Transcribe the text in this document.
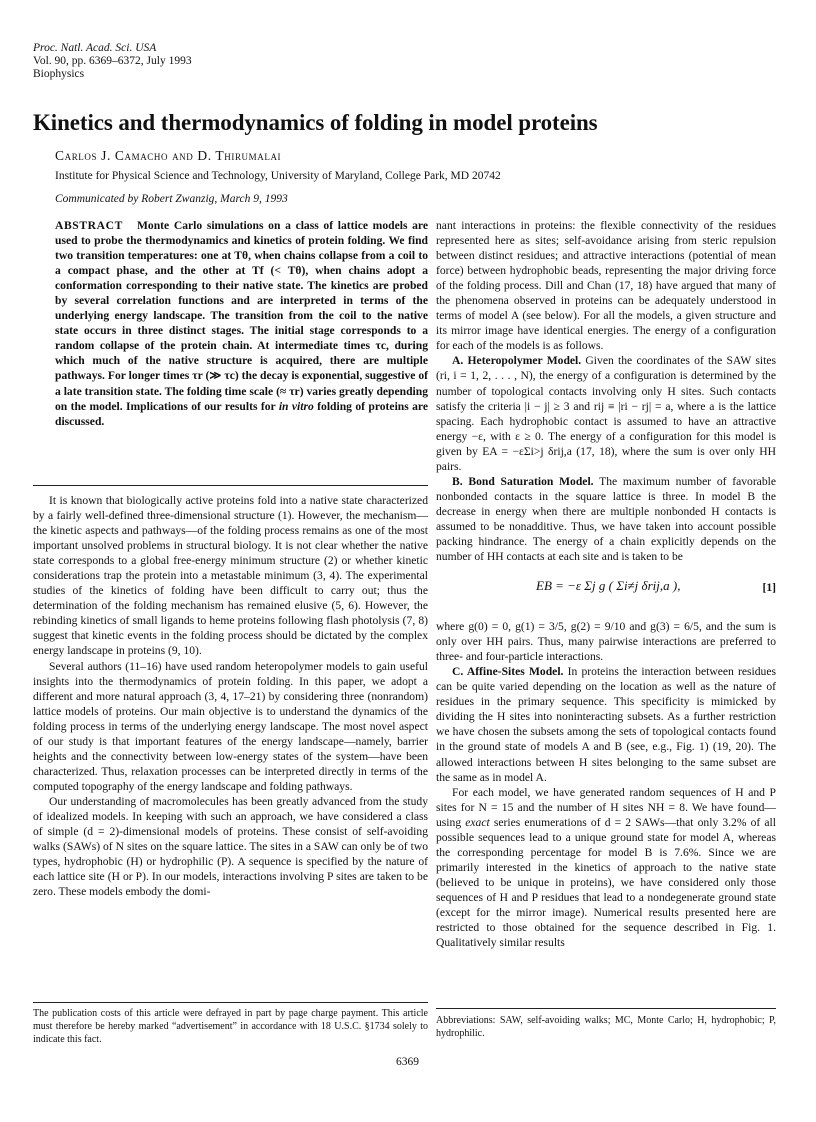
Proc. Natl. Acad. Sci. USA
Vol. 90, pp. 6369–6372, July 1993
Biophysics
Kinetics and thermodynamics of folding in model proteins
Carlos J. Camacho and D. Thirumalai
Institute for Physical Science and Technology, University of Maryland, College Park, MD 20742
Communicated by Robert Zwanzig, March 9, 1993
ABSTRACT Monte Carlo simulations on a class of lattice models are used to probe the thermodynamics and kinetics of protein folding. We find two transition temperatures: one at Tθ, when chains collapse from a coil to a compact phase, and the other at Tf (< Tθ), when chains adopt a conformation corresponding to their native state. The kinetics are probed by several correlation functions and are interpreted in terms of the underlying energy landscape. The transition from the coil to the native state occurs in three distinct stages. The initial stage corresponds to a random collapse of the protein chain. At intermediate times τc, during which much of the native structure is acquired, there are multiple pathways. For longer times τr (≫ τc) the decay is exponential, suggestive of a late transition state. The folding time scale (≈ τr) varies greatly depending on the model. Implications of our results for in vitro folding of proteins are discussed.

It is known that biologically active proteins fold into a native state characterized by a fairly well-defined three-dimensional structure (1). However, the mechanism—the kinetic aspects and pathways—of the folding process remains as one of the most important unsolved problems in structural biology. It is not clear whether the native state corresponds to a global free-energy minimum structure (2) or whether kinetic considerations trap the protein into a metastable minimum (3, 4). The experimental studies of the kinetics of folding have been difficult to carry out; thus the determination of the folding mechanism has remained elusive (5, 6). However, the rebinding kinetics of small ligands to heme proteins following flash photolysis (7, 8) suggest that kinetic events in the folding process should be dictated by the complex energy landscape in proteins (9, 10).

Several authors (11–16) have used random heteropolymer models to gain useful insights into the thermodynamics of protein folding. In this paper, we adopt a different and more natural approach (3, 4, 17–21) by considering three (nonrandom) lattice models of proteins. Our main objective is to understand the dynamics of the folding process in terms of the underlying energy landscape. The most novel aspect of our study is that important features of the energy landscape—namely, barrier heights and the connectivity between low-energy states of the system—have been characterized. Thus, relaxation processes can be interpreted directly in terms of the computed topography of the energy landscape and folding pathways.

Our understanding of macromolecules has been greatly advanced from the study of idealized models. In keeping with such an approach, we have considered a class of simple (d = 2)-dimensional models of proteins. These consist of self-avoiding walks (SAWs) of N sites on the square lattice. The sites in a SAW can only be of two types, hydrophobic (H) or hydrophilic (P). A sequence is specified by the nature of each lattice site (H or P). In our models, interactions involving P sites are taken to be zero. These models embody the domi-

nant interactions in proteins: the flexible connectivity of the residues represented here as sites; self-avoidance arising from steric repulsion between distinct residues; and attractive interactions (potential of mean force) between hydrophobic beads, representing the major driving force of the folding process. Dill and Chan (17, 18) have argued that many of the phenomena observed in proteins can be adequately understood in terms of model A (see below). For all the models, a given structure and its mirror image have identical energies. The energy of a configuration for each of the models is as follows.

A. Heteropolymer Model. Given the coordinates of the SAW sites (ri, i = 1, 2, . . . , N), the energy of a configuration is determined by the number of topological contacts involving only H sites. Such contacts satisfy the criteria |i − j| ≥ 3 and rij ≡ |ri − rj| = a, where a is the lattice spacing. Each hydrophobic contact is assumed to have an attractive energy −ε, with ε ≥ 0. The energy of a configuration for this model is given by EA = −εΣi>j δrij,a (17, 18), where the sum is over only HH pairs.

B. Bond Saturation Model. The maximum number of favorable nonbonded contacts in the square lattice is three. In model B the decrease in energy when there are multiple nonbonded H contacts is assumed to be nonadditive. Thus, we have taken into account possible packing hindrance. The energy of a chain explicitly depends on the number of HH contacts at each site and is taken to be

EB = −ε Σj g ( Σi≠j δrij,a ),	[1]

where g(0) = 0, g(1) = 3/5, g(2) = 9/10 and g(3) = 6/5, and the sum is only over HH pairs. Thus, many pairwise interactions are preferred to three- and four-particle interactions.

C. Affine-Sites Model. In proteins the interaction between residues can be quite varied depending on the location as well as the nature of residues in the primary sequence. This specificity is mimicked by dividing the H sites into noninteracting subsets. As a further restriction we have chosen the subsets among the sets of topological contacts found in the ground state of models A and B (see, e.g., Fig. 1) (19, 20). The allowed interactions between H sites belonging to the same subset are the same as in model A.

For each model, we have generated random sequences of H and P sites for N = 15 and the number of H sites NH = 8. We have found—using exact series enumerations of d = 2 SAWs—that only 3.2% of all possible sequences lead to a unique ground state for model A, whereas the corresponding percentage for model B is 7.6%. Since we are primarily interested in the kinetics of approach to the native state (believed to be unique in proteins), we have considered only those sequences of H and P residues that lead to a nondegenerate ground state (except for the mirror image). Numerical results presented here are restricted to those obtained for the sequence described in Fig. 1. Qualitatively similar results

The publication costs of this article were defrayed in part by page charge payment. This article must therefore be hereby marked “advertisement” in accordance with 18 U.S.C. §1734 solely to indicate this fact.
Abbreviations: SAW, self-avoiding walks; MC, Monte Carlo; H, hydrophobic; P, hydrophilic.
6369
